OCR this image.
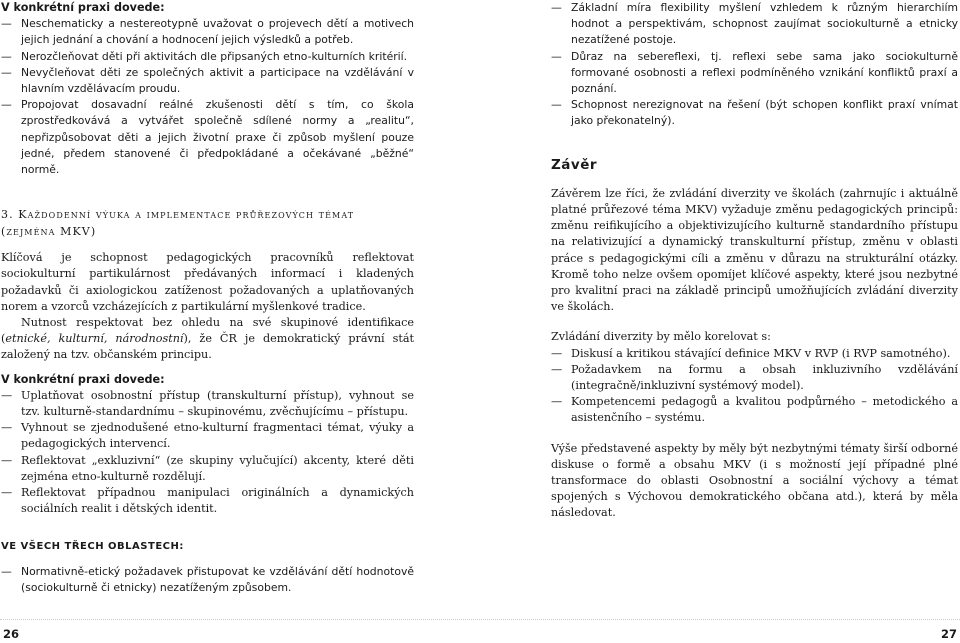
V konkrétní praxi dovede:

— Neschematicky a nestereotypně uvažovat o projevech dětí a motivech jejich jednání a chování a hodnocení jejich výsledků a potřeb.
— Nerozčleňovat děti při aktivitách dle připsaných etno-kulturních kritérií.
— Nevyčleňovat děti ze společných aktivit a participace na vzdělávání v hlavním vzdělávacím proudu.
— Propojovat dosavadní reálné zkušenosti dětí s tím, co škola zprostředkovává a vytvářet společně sdílené normy a „realitu“, nepřizpůsobovat děti a jejich životní praxe či způsob myšlení pouze jedné, předem stanovené či předpokládané a očekávané „běžné“ normě.

3. Každodenní výuka a implementace průřezových témat

(zejména MKV)

Klíčová je schopnost pedagogických pracovníků reflektovat sociokulturní partikulárnost předávaných informací i kladených požadavků či axiologickou zatíženost požadovaných a uplatňovaných norem a vzorců vzcházejících z partikulární myšlenkové tradice.

Nutnost respektovat bez ohledu na své skupinové identifikace (etnické, kulturní, národnostní), že ČR je demokratický právní stát založený na tzv. občanském principu.

V konkrétní praxi dovede:

— Uplatňovat osobnostní přístup (transkulturní přístup), vyhnout se tzv. kulturně-standardnímu – skupinovému, zvěcňujícímu – přístupu.
— Vyhnout se zjednodušené etno-kulturní fragmentaci témat, výuky a pedagogických intervencí.
— Reflektovat „exkluzivní“ (ze skupiny vylučující) akcenty, které děti zejména etno-kulturně rozdělují.
— Reflektovat případnou manipulaci originálních a dynamických sociálních realit i dětských identit.

VE VŠECH TŘECH OBLASTECH:

— Normativně-etický požadavek přistupovat ke vzdělávání dětí hodnotově (sociokulturně či etnicky) nezatíženým způsobem.
— Základní míra flexibility myšlení vzhledem k různým hierarchiím hodnot a perspektivám, schopnost zaujímat sociokulturně a etnicky nezatížené postoje.
— Důraz na sebereflexi, tj. reflexi sebe sama jako sociokulturně formované osobnosti a reflexi podmíněného vznikání konfliktů praxí a poznání.
— Schopnost nerezignovat na řešení (být schopen konflikt praxí vnímat jako překonatelný).

Závěr

Závěrem lze říci, že zvládání diverzity ve školách (zahrnujíc i aktuálně platné průřezové téma MKV) vyžaduje změnu pedagogických principů: změnu reifikujícího a objektivizujícího kulturně standardního přístupu na relativizující a dynamický transkulturní přístup, změnu v oblasti práce s pedagogickými cíli a změnu v důrazu na strukturální otázky. Kromě toho nelze ovšem opomíjet klíčové aspekty, které jsou nezbytné pro kvalitní praci na základě principů umožňujících zvládání diverzity ve školách.

Zvládání diverzity by mělo korelovat s:

— Diskusí a kritikou stávající definice MKV v RVP (i RVP samotného).
— Požadavkem na formu a obsah inkluzivního vzdělávání (integračně/inkluzivní systémový model).
— Kompetencemi pedagogů a kvalitou podpůrného – metodického a asistenčního – systému.

Výše představené aspekty by měly být nezbytnými tématy širší odborné diskuse o formě a obsahu MKV (i s možností její případné plné transformace do oblasti Osobnostní a sociální výchovy a témat spojených s Výchovou demokratického občana atd.), která by měla následovat.

26	27
